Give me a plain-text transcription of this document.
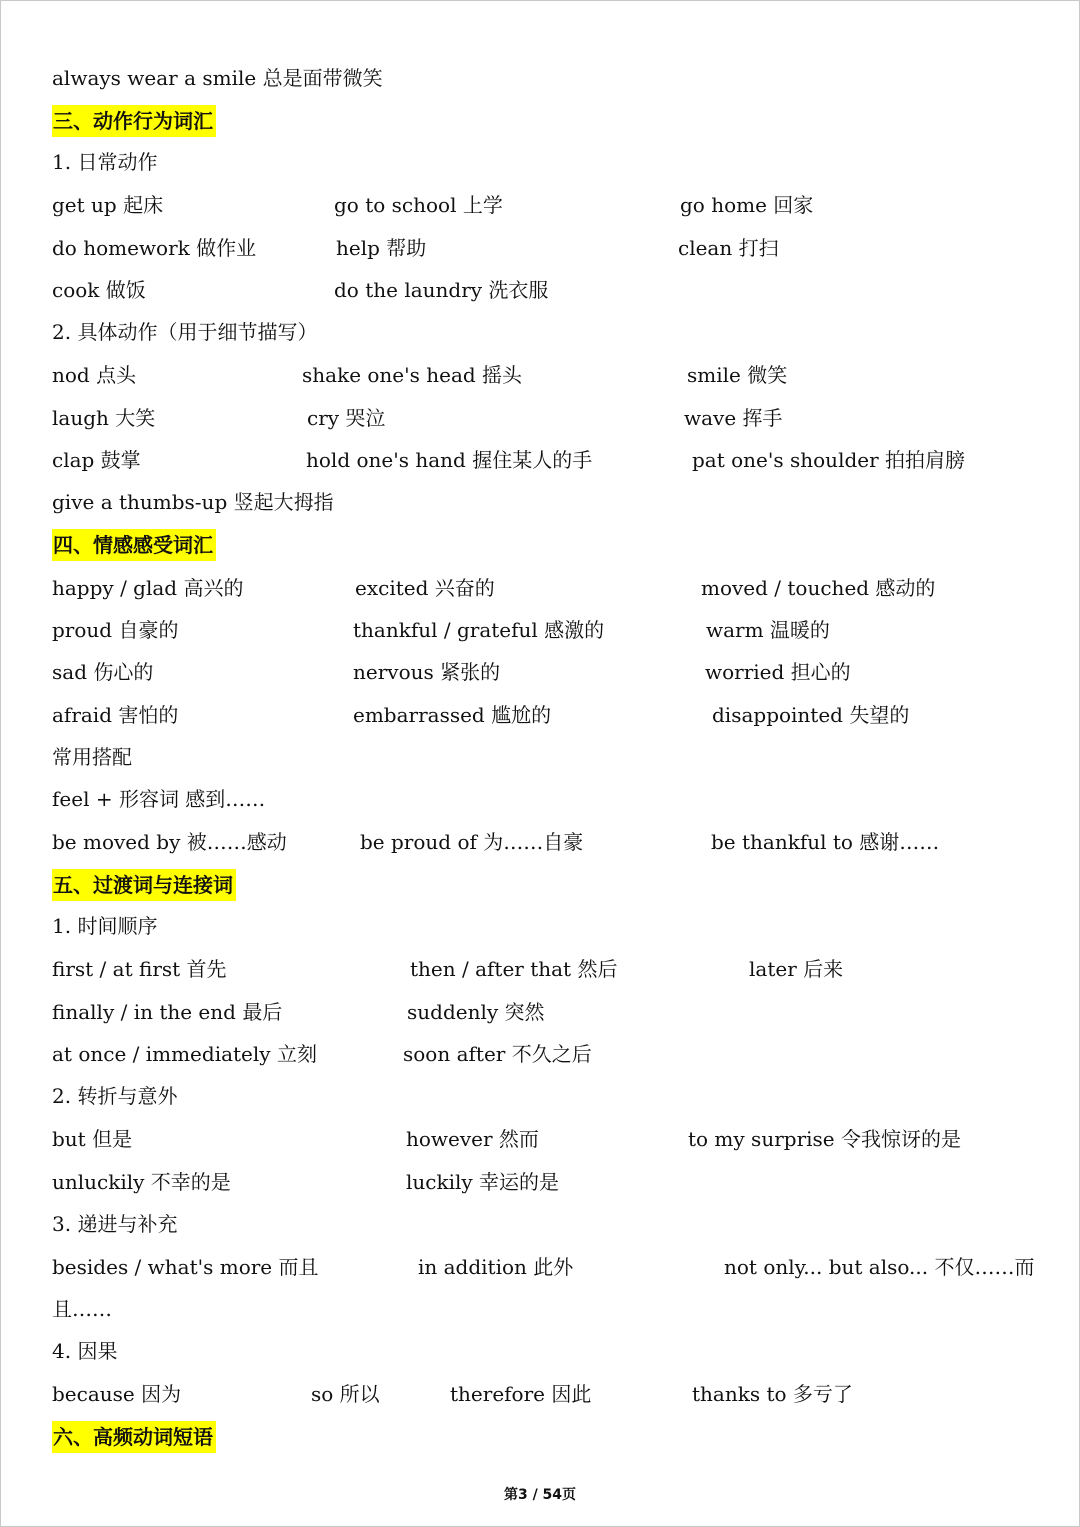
always wear a smile 总是面带微笑
三、动作行为词汇
1. 日常动作
get up 起床	go to school 上学	go home 回家
do homework 做作业	help 帮助	clean 打扫
cook 做饭	do the laundry 洗衣服
2. 具体动作（用于细节描写）
nod 点头	shake one's head 摇头	smile 微笑
laugh 大笑	cry 哭泣	wave 挥手
clap 鼓掌	hold one's hand 握住某人的手	pat one's shoulder 拍拍肩膀
give a thumbs-up 竖起大拇指
四、情感感受词汇
happy / glad 高兴的	excited 兴奋的	moved / touched 感动的
proud 自豪的	thankful / grateful 感激的	warm 温暖的
sad 伤心的	nervous 紧张的	worried 担心的
afraid 害怕的	embarrassed 尴尬的	disappointed 失望的
常用搭配
feel + 形容词 感到……
be moved by 被……感动	be proud of 为……自豪	be thankful to 感谢……
五、过渡词与连接词
1. 时间顺序
first / at first 首先	then / after that 然后	later 后来
finally / in the end 最后	suddenly 突然
at once / immediately 立刻	soon after 不久之后
2. 转折与意外
but 但是	however 然而	to my surprise 令我惊讶的是
unluckily 不幸的是	luckily 幸运的是
3. 递进与补充
besides / what's more 而且	in addition 此外	not only... but also... 不仅……而
且……
4. 因果
because 因为	so 所以	therefore 因此	thanks to 多亏了
六、高频动词短语
第3 / 54页
